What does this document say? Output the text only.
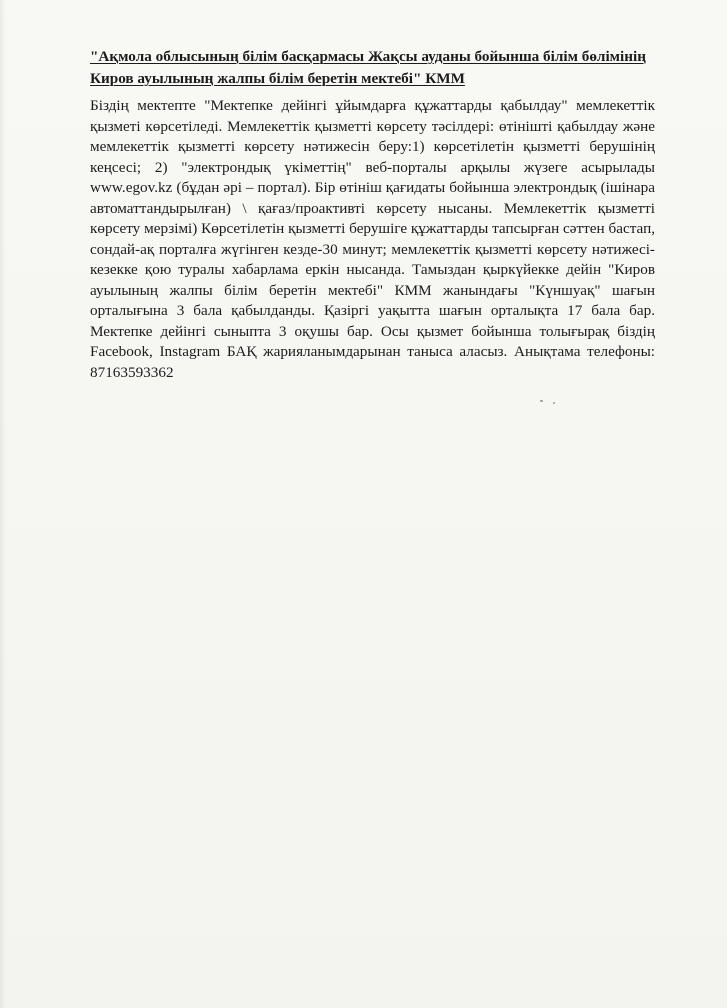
"Ақмола облысының білім басқармасы Жақсы ауданы бойынша білім бөлімінің Киров ауылының жалпы білім беретін мектебі" КММ

Біздің мектепте "Мектепке дейінгі ұйымдарға құжаттарды қабылдау" мемлекеттік қызметі көрсетіледі. Мемлекеттік қызметті көрсету тәсілдері: өтінішті қабылдау және мемлекеттік қызметті көрсету нәтижесін беру:1) көрсетілетін қызметті берушінің кеңсесі; 2) "электрондық үкіметтің" веб-порталы арқылы жүзеге асырылады www.egov.kz (бұдан әрі – портал). Бір өтініш қағидаты бойынша электрондық (ішінара автоматтандырылған) \ қағаз/проактивті көрсету нысаны. Мемлекеттік қызметті көрсету мерзімі) Көрсетілетін қызметті берушіге құжаттарды тапсырған сәттен бастап, сондай-ақ порталға жүгінген кезде-30 минут; мемлекеттік қызметті көрсету нәтижесі-кезекке қою туралы хабарлама еркін нысанда. Тамыздан қыркүйекке дейін "Киров ауылының жалпы білім беретін мектебі" КММ жанындағы "Күншуақ" шағын орталығына 3 бала қабылданды. Қазіргі уақытта шағын орталықта 17 бала бар. Мектепке дейінгі сыныпта 3 оқушы бар. Осы қызмет бойынша толығырақ біздің Facebook, Instagram БАҚ жарияланымдарынан таныса аласыз. Анықтама телефоны: 87163593362
